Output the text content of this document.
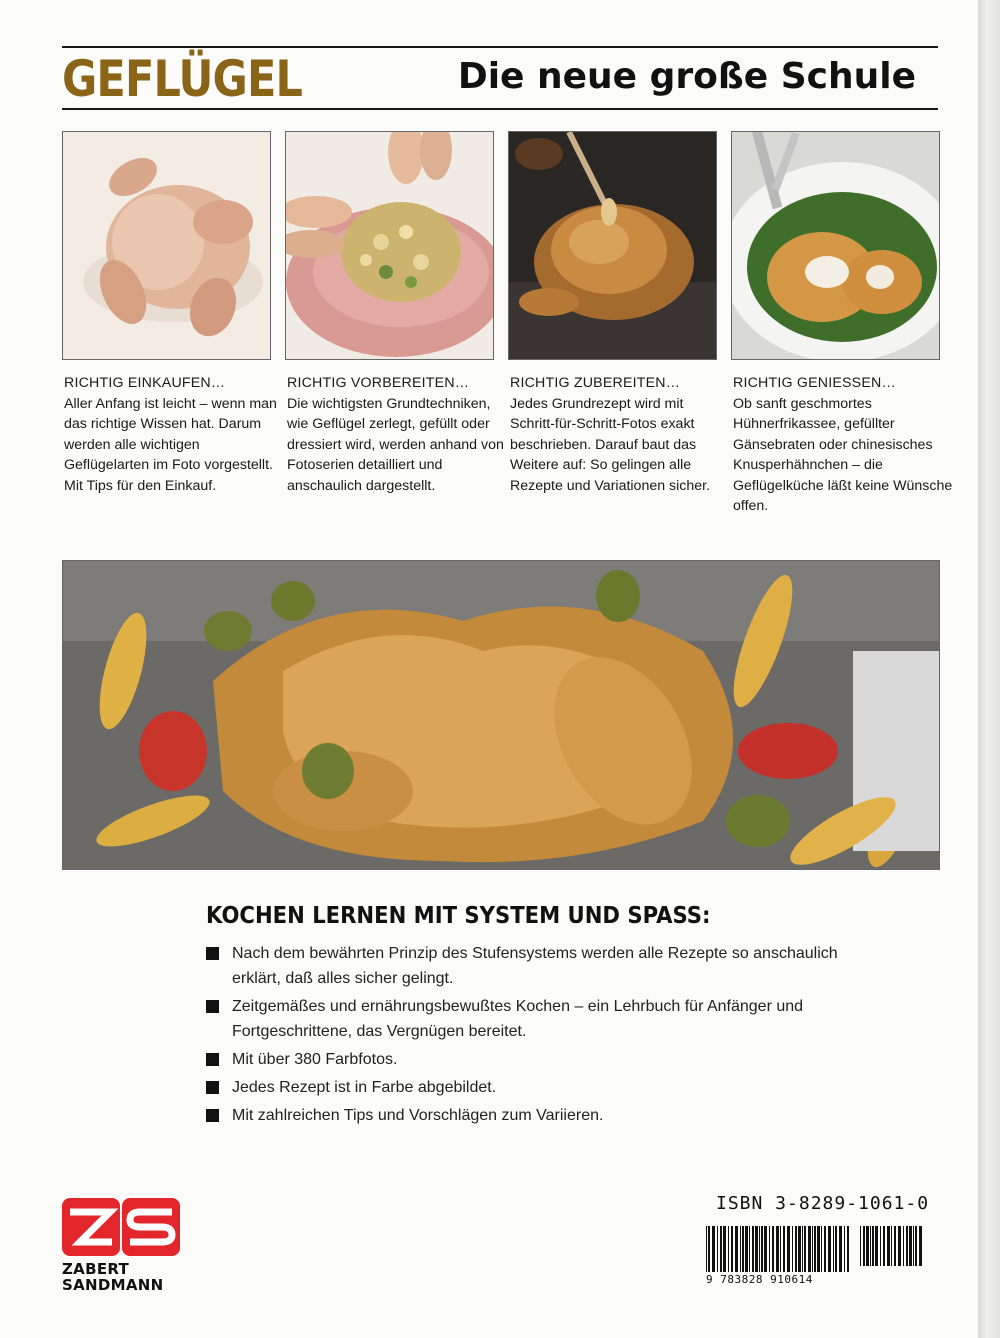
GEFLÜGEL	Die neue große Schule
RICHTIG EINKAUFEN…
Aller Anfang ist leicht – wenn man das richtige Wissen hat. Darum werden alle wichtigen Geflügelarten im Foto vorgestellt. Mit Tips für den Einkauf.
RICHTIG VORBEREITEN…
Die wichtigsten Grundtechniken, wie Geflügel zerlegt, gefüllt oder dressiert wird, werden anhand von Fotoserien detailliert und anschaulich dargestellt.
RICHTIG ZUBEREITEN…
Jedes Grundrezept wird mit Schritt-für-Schritt-Fotos exakt beschrieben. Darauf baut das Weitere auf: So gelingen alle Rezepte und Variationen sicher.
RICHTIG GENIESSEN…
Ob sanft geschmortes Hühnerfrikassee, gefüllter Gänsebraten oder chinesisches Knusperhähnchen – die Geflügelküche läßt keine Wünsche offen.
KOCHEN LERNEN MIT SYSTEM UND SPASS:
Nach dem bewährten Prinzip des Stufensystems werden alle Rezepte so anschaulich erklärt, daß alles sicher gelingt.
Zeitgemäßes und ernährungsbewußtes Kochen – ein Lehrbuch für Anfänger und Fortgeschrittene, das Vergnügen bereitet.
Mit über 380 Farbfotos.
Jedes Rezept ist in Farbe abgebildet.
Mit zahlreichen Tips und Vorschlägen zum Variieren.
ZABERT
SANDMANN
ISBN 3-8289-1061-0
9 783828 910614
